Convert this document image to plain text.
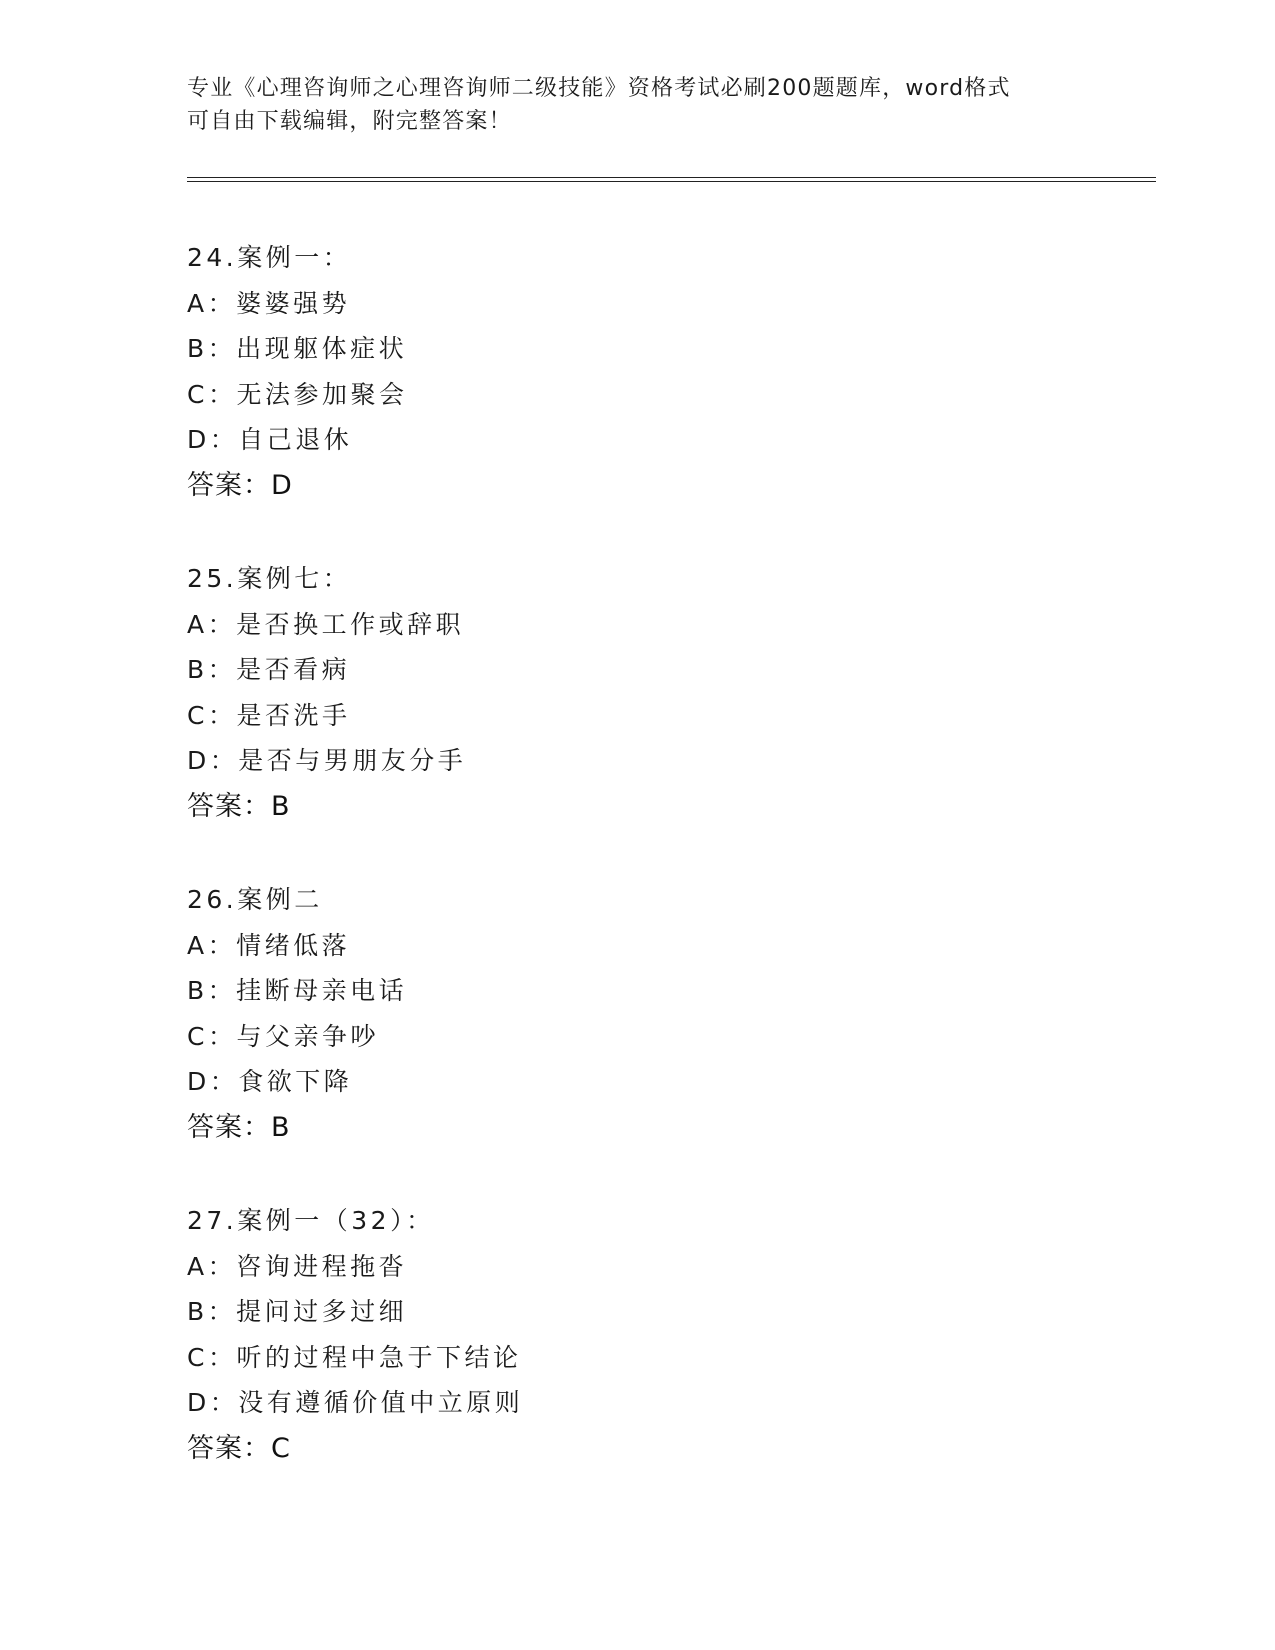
专业《心理咨询师之心理咨询师二级技能》资格考试必刷200题题库，word格式
可自由下载编辑，附完整答案！
24.案例一：
A：婆婆强势
B：出现躯体症状
C：无法参加聚会
D：自己退休
答案：D
25.案例七：
A：是否换工作或辞职
B：是否看病
C：是否洗手
D：是否与男朋友分手
答案：B
26.案例二
A：情绪低落
B：挂断母亲电话
C：与父亲争吵
D：食欲下降
答案：B
27.案例一（32）：
A：咨询进程拖沓
B：提问过多过细
C：听的过程中急于下结论
D：没有遵循价值中立原则
答案：C
